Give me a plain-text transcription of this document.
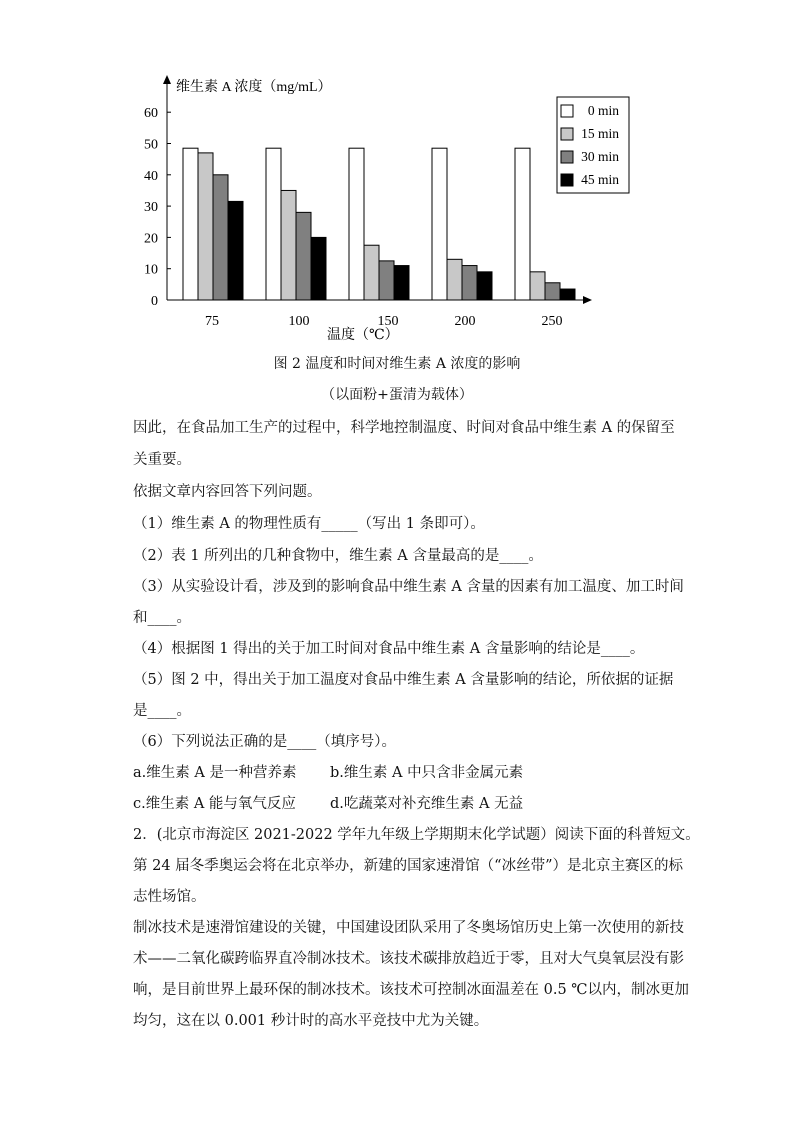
维生素 A 浓度（mg/mL）
温度（℃）
0
10
20
30
40
50
60
75	100	150	200	250
0 min
15 min
30 min
45 min
图 2 温度和时间对维生素 A 浓度的影响
（以面粉+蛋清为载体）
因此，在食品加工生产的过程中，科学地控制温度、时间对食品中维生素 A 的保留至
关重要。
依据文章内容回答下列问题。
（1）维生素 A 的物理性质有_____（写出 1 条即可）。
（2）表 1 所列出的几种食物中，维生素 A 含量最高的是____。
（3）从实验设计看，涉及到的影响食品中维生素 A 含量的因素有加工温度、加工时间
和____。
（4）根据图 1 得出的关于加工时间对食品中维生素 A 含量影响的结论是____。
（5）图 2 中，得出关于加工温度对食品中维生素 A 含量影响的结论，所依据的证据
是____。
（6）下列说法正确的是____（填序号）。
a.维生素 A 是一种营养素 b.维生素 A 中只含非金属元素
c.维生素 A 能与氧气反应 d.吃蔬菜对补充维生素 A 无益
2．(北京市海淀区 2021-2022 学年九年级上学期期末化学试题）阅读下面的科普短文。
第 24 届冬季奥运会将在北京举办，新建的国家速滑馆（“冰丝带”）是北京主赛区的标
志性场馆。
制冰技术是速滑馆建设的关键，中国建设团队采用了冬奥场馆历史上第一次使用的新技
术——二氧化碳跨临界直冷制冰技术。该技术碳排放趋近于零，且对大气臭氧层没有影
响，是目前世界上最环保的制冰技术。该技术可控制冰面温差在 0.5 ℃以内，制冰更加
均匀，这在以 0.001 秒计时的高水平竞技中尤为关键。
